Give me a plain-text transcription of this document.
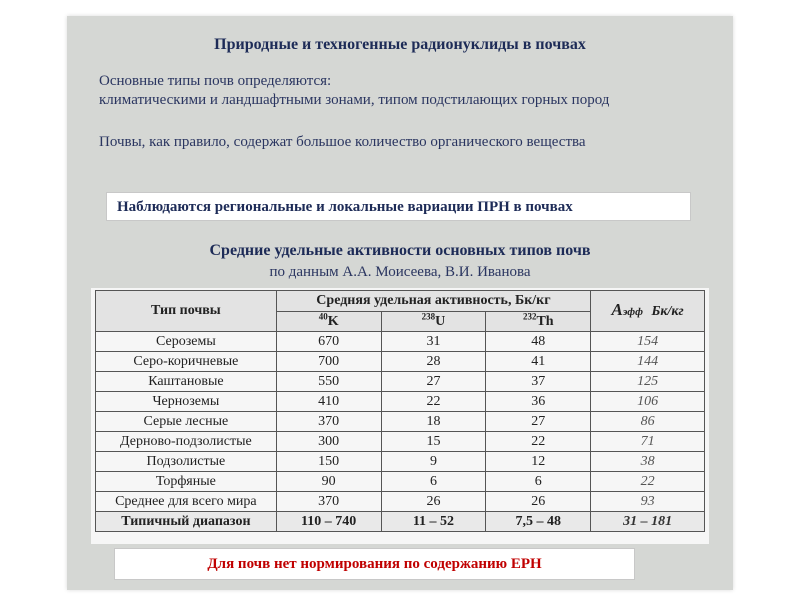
Природные и техногенные радионуклиды в почвах
Основные типы почв определяются:
климатическими и ландшафтными зонами, типом подстилающих горных пород
Почвы, как правило, содержат большое количество органического вещества
Наблюдаются региональные и локальные вариации ПРН в почвах
Средние удельные активности основных типов почв
по данным А.А. Моисеева, В.И. Иванова
Тип почвы	Средняя удельная активность, Бк/кг			Аэфф Бк/кг
	$^{40}$K	$^{238}$U	$^{232}$Th	
Сероземы	670	31	48	154
Серо-коричневые	700	28	41	144
Каштановые	550	27	37	125
Черноземы	410	22	36	106
Серые лесные	370	18	27	86
Дерново-подзолистые	300	15	22	71
Подзолистые	150	9	12	38
Торфяные	90	6	6	22
Среднее для всего мира	370	26	26	93
Типичный диапазон	110 – 740	11 – 52	7,5 – 48	31 – 181
Для почв нет нормирования по содержанию ЕРН
